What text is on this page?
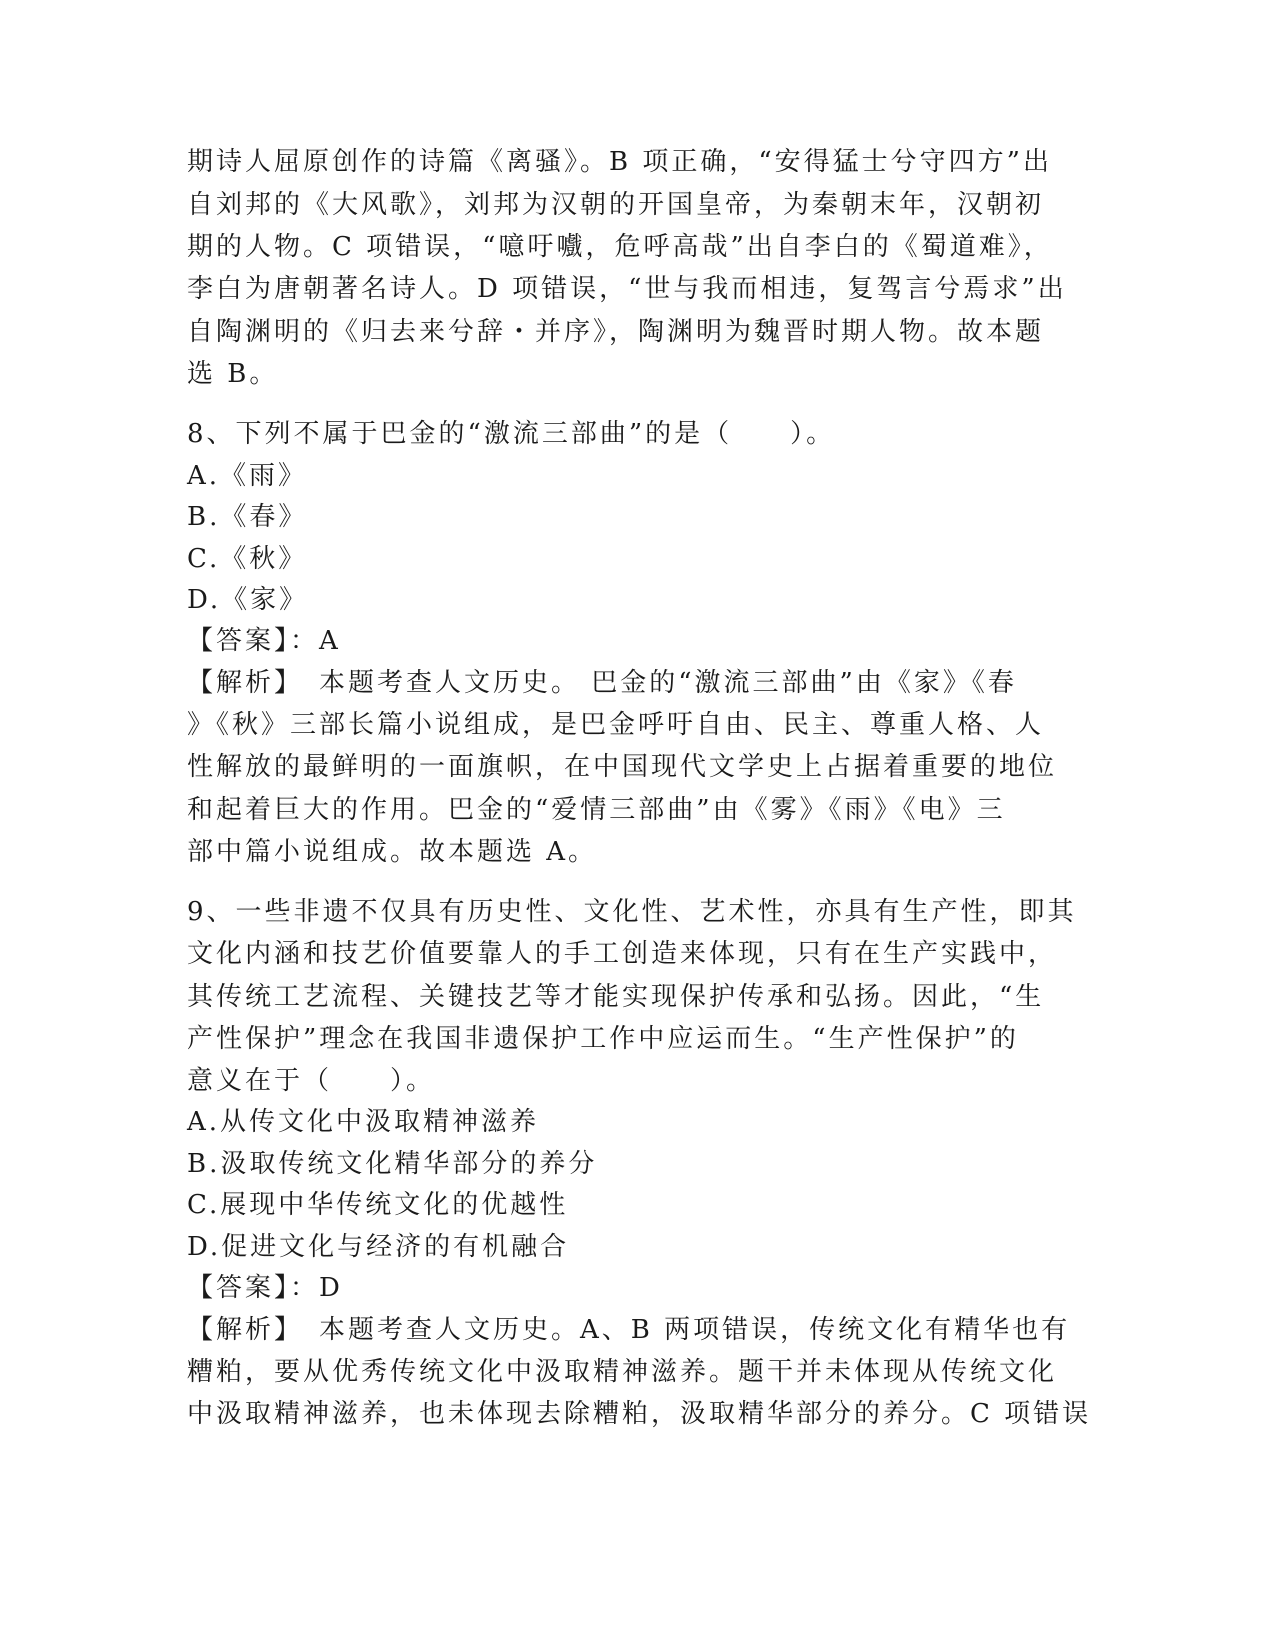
期诗人屈原创作的诗篇《离骚》。B 项正确，“安得猛士兮守四方”出
自刘邦的《大风歌》，刘邦为汉朝的开国皇帝，为秦朝末年，汉朝初
期的人物。C 项错误，“噫吁嚱，危呼高哉”出自李白的《蜀道难》，
李白为唐朝著名诗人。D 项错误，“世与我而相违，复驾言兮焉求”出
自陶渊明的《归去来兮辞・并序》，陶渊明为魏晋时期人物。故本题
选 B。
8、下列不属于巴金的“激流三部曲”的是（　　）。
A.《雨》
B.《春》
C.《秋》
D.《家》
【答案】：A
【解析】　本题考查人文历史。 巴金的“激流三部曲”由《家》《春
》《秋》三部长篇小说组成，是巴金呼吁自由、民主、尊重人格、人
性解放的最鲜明的一面旗帜，在中国现代文学史上占据着重要的地位
和起着巨大的作用。巴金的“爱情三部曲”由《雾》《雨》《电》三
部中篇小说组成。故本题选 A。
9、一些非遗不仅具有历史性、文化性、艺术性，亦具有生产性，即其
文化内涵和技艺价值要靠人的手工创造来体现，只有在生产实践中，
其传统工艺流程、关键技艺等才能实现保护传承和弘扬。因此，“生
产性保护”理念在我国非遗保护工作中应运而生。“生产性保护”的
意义在于（　　）。
A.从传文化中汲取精神滋养
B.汲取传统文化精华部分的养分
C.展现中华传统文化的优越性
D.促进文化与经济的有机融合
【答案】：D
【解析】　本题考查人文历史。A、B 两项错误，传统文化有精华也有
糟粕，要从优秀传统文化中汲取精神滋养。题干并未体现从传统文化
中汲取精神滋养，也未体现去除糟粕，汲取精华部分的养分。C 项错误
